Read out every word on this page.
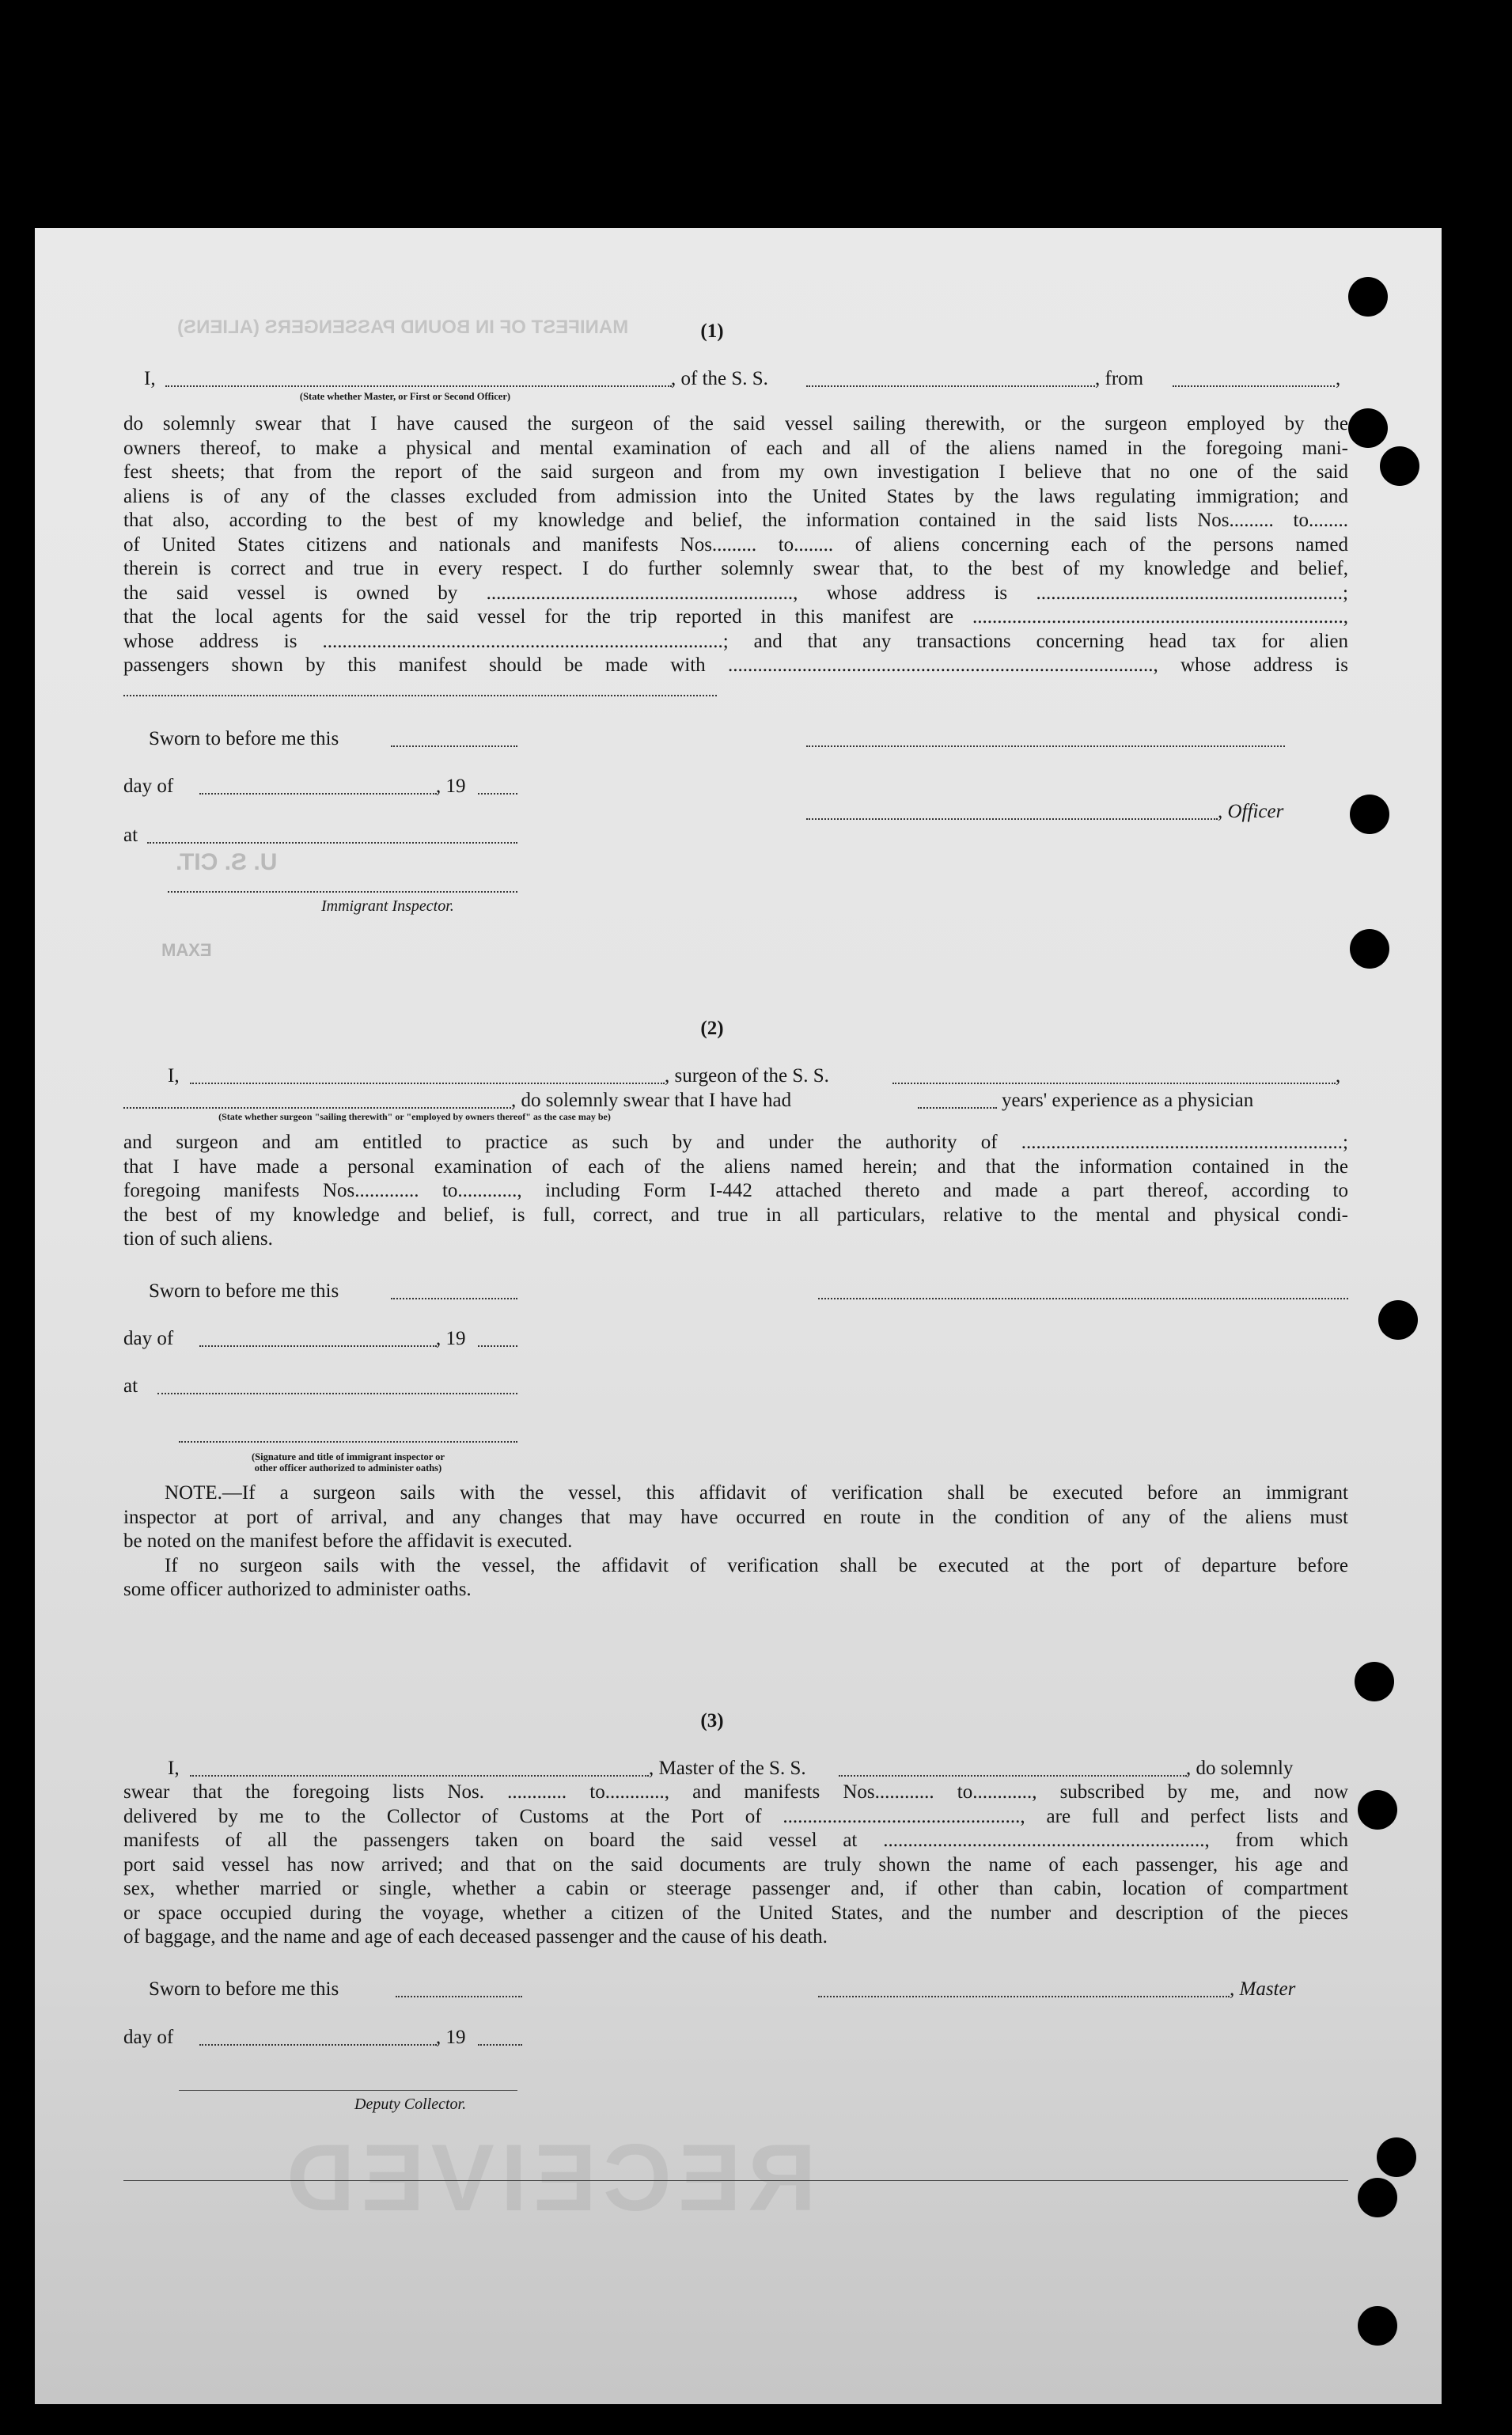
MANIFEST OF IN BOUND PASSENGERS (ALIENS)
U. S. CIT.
EXAM
RECEIVED
(1)
I,	, of the S. S.	, from	,
(State whether Master, or First or Second Officer)
do solemnly swear that I have caused the surgeon of the said vessel sailing therewith, or the surgeon employed by the
owners thereof, to make a physical and mental examination of each and all of the aliens named in the foregoing mani-
fest sheets; that from the report of the said surgeon and from my own investigation I believe that no one of the said
aliens is of any of the classes excluded from admission into the United States by the laws regulating immigration; and
that also, according to the best of my knowledge and belief, the information contained in the said lists Nos......... to........
of United States citizens and nationals and manifests Nos......... to........ of aliens concerning each of the persons named
therein is correct and true in every respect. I do further solemnly swear that, to the best of my knowledge and belief,
the said vessel is owned by .............................................................., whose address is ..............................................................;
that the local agents for the said vessel for the trip reported in this manifest are ...........................................................................,
whose address is .................................................................................; and that any transactions concerning head tax for alien
passengers shown by this manifest should be made with ......................................................................................, whose address is
Sworn to before me this
day of	, 19
, Officer
at
Immigrant Inspector.
(2)
I,	, surgeon of the S. S.	,
, do solemnly swear that I have had	years' experience as a physician
(State whether surgeon "sailing therewith" or "employed by owners thereof" as the case may be)
and surgeon and am entitled to practice as such by and under the authority of .................................................................;
that I have made a personal examination of each of the aliens named herein; and that the information contained in the
foregoing manifests Nos............. to............, including Form I-442 attached thereto and made a part thereof, according to
the best of my knowledge and belief, is full, correct, and true in all particulars, relative to the mental and physical condi-
tion of such aliens.
Sworn to before me this
day of	, 19
at
(Signature and title of immigrant inspector or
other officer authorized to administer oaths)
NOTE.—If a surgeon sails with the vessel, this affidavit of verification shall be executed before an immigrant
inspector at port of arrival, and any changes that may have occurred en route in the condition of any of the aliens must
be noted on the manifest before the affidavit is executed.
If no surgeon sails with the vessel, the affidavit of verification shall be executed at the port of departure before
some officer authorized to administer oaths.
(3)
I,	, Master of the S. S.	, do solemnly
swear that the foregoing lists Nos. ............ to............, and manifests Nos............ to............, subscribed by me, and now
delivered by me to the Collector of Customs at the Port of ................................................, are full and perfect lists and
manifests of all the passengers taken on board the said vessel at ................................................................., from which
port said vessel has now arrived; and that on the said documents are truly shown the name of each passenger, his age and
sex, whether married or single, whether a cabin or steerage passenger and, if other than cabin, location of compartment
or space occupied during the voyage, whether a citizen of the United States, and the number and description of the pieces
of baggage, and the name and age of each deceased passenger and the cause of his death.
Sworn to before me this	, Master
day of	, 19
Deputy Collector.
